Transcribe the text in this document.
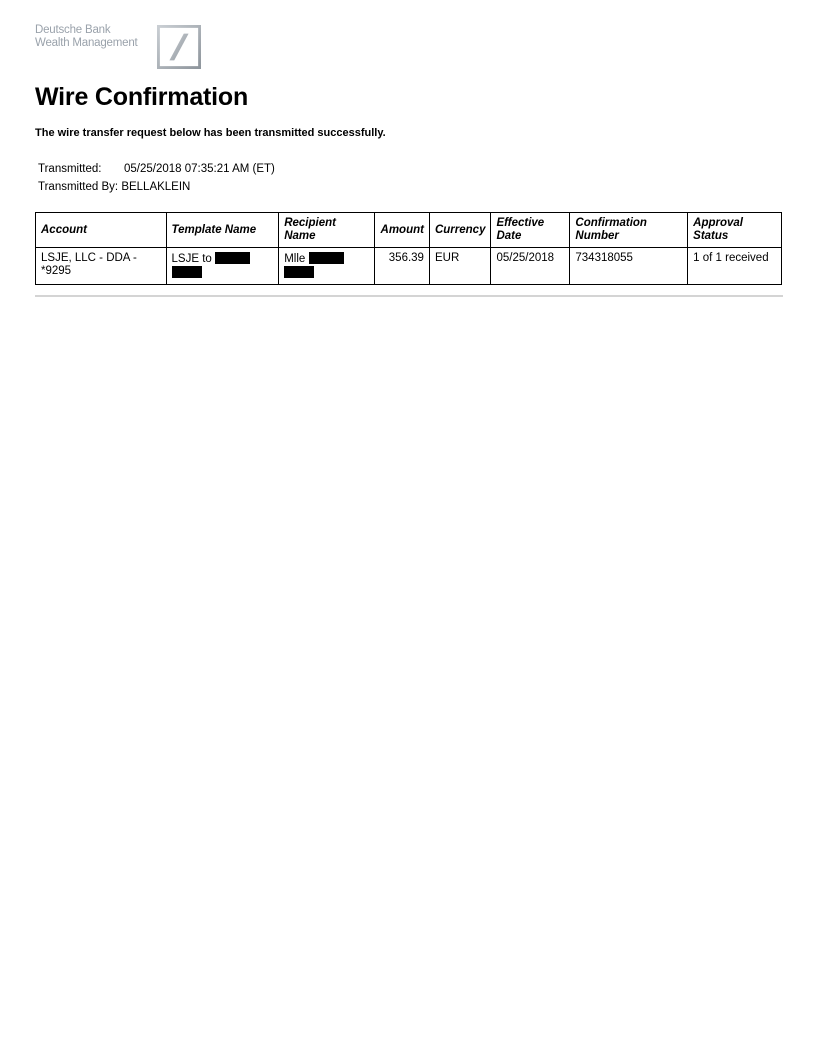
Deutsche Bank
Wealth Management
Wire Confirmation
The wire transfer request below has been transmitted successfully.
Transmitted: 05/25/2018 07:35:21 AM (ET)
Transmitted By: BELLAKLEIN
Account	Template Name	Recipient Name	Amount	Currency	Effective Date	Confirmation Number	Approval Status
LSJE, LLC - DDA - *9295	LSJE to	Mlle	356.39	EUR	05/25/2018	734318055	1 of 1 received
